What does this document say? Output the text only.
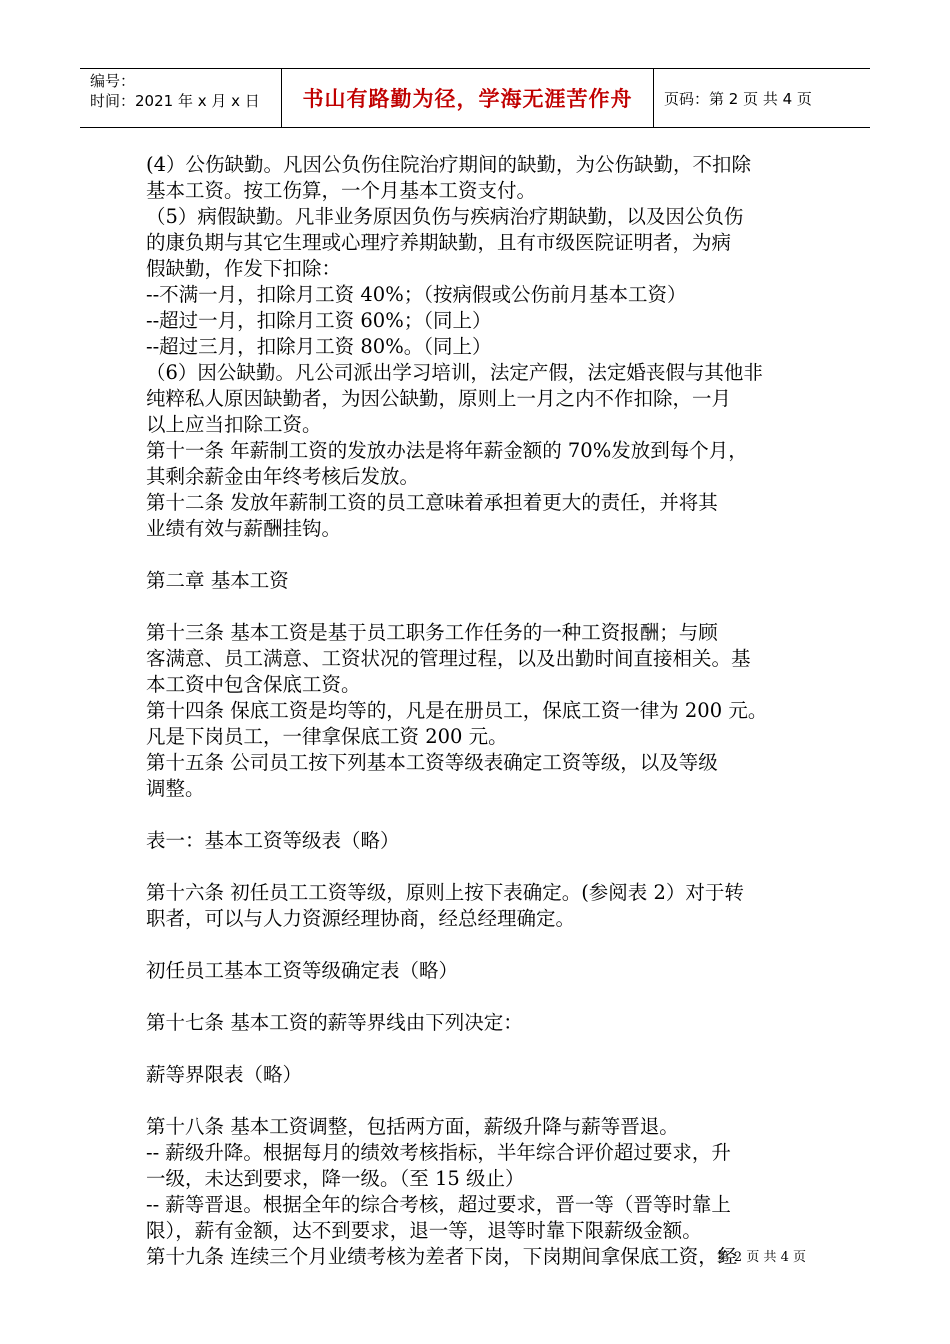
编号：
时间：2021 年 x 月 x 日	书山有路勤为径，学海无涯苦作舟	页码：第 2 页 共 4 页

(4）公伤缺勤。凡因公负伤住院治疗期间的缺勤，为公伤缺勤，不扣除

基本工资。按工伤算，一个月基本工资支付。

（5）病假缺勤。凡非业务原因负伤与疾病治疗期缺勤，以及因公负伤

的康负期与其它生理或心理疗养期缺勤，且有市级医院证明者，为病

假缺勤，作发下扣除：

--不满一月，扣除月工资 40%；（按病假或公伤前月基本工资）

--超过一月，扣除月工资 60%；（同上）

--超过三月，扣除月工资 80%。（同上）

（6）因公缺勤。凡公司派出学习培训，法定产假，法定婚丧假与其他非

纯粹私人原因缺勤者，为因公缺勤，原则上一月之内不作扣除，一月

以上应当扣除工资。

第十一条 年薪制工资的发放办法是将年薪金额的 70%发放到每个月，

其剩余薪金由年终考核后发放。

第十二条 发放年薪制工资的员工意味着承担着更大的责任，并将其

业绩有效与薪酬挂钩。

第二章 基本工资

第十三条 基本工资是基于员工职务工作任务的一种工资报酬；与顾

客满意、员工满意、工资状况的管理过程，以及出勤时间直接相关。基

本工资中包含保底工资。

第十四条 保底工资是均等的，凡是在册员工，保底工资一律为 200 元。

凡是下岗员工，一律拿保底工资 200 元。

第十五条 公司员工按下列基本工资等级表确定工资等级，以及等级

调整。

表一：基本工资等级表（略）

第十六条 初任员工工资等级，原则上按下表确定。(参阅表 2）对于转

职者，可以与人力资源经理协商，经总经理确定。

初任员工基本工资等级确定表（略）

第十七条 基本工资的薪等界线由下列决定：

薪等界限表（略）

第十八条 基本工资调整，包括两方面，薪级升降与薪等晋退。

-- 薪级升降。根据每月的绩效考核指标，半年综合评价超过要求，升

一级，未达到要求，降一级。（至 15 级止）

-- 薪等晋退。根据全年的综合考核，超过要求，晋一等（晋等时靠上

限），薪有金额，达不到要求，退一等，退等时靠下限薪级金额。

第十九条 连续三个月业绩考核为差者下岗，下岗期间拿保底工资，经

第 2 页 共 4 页
